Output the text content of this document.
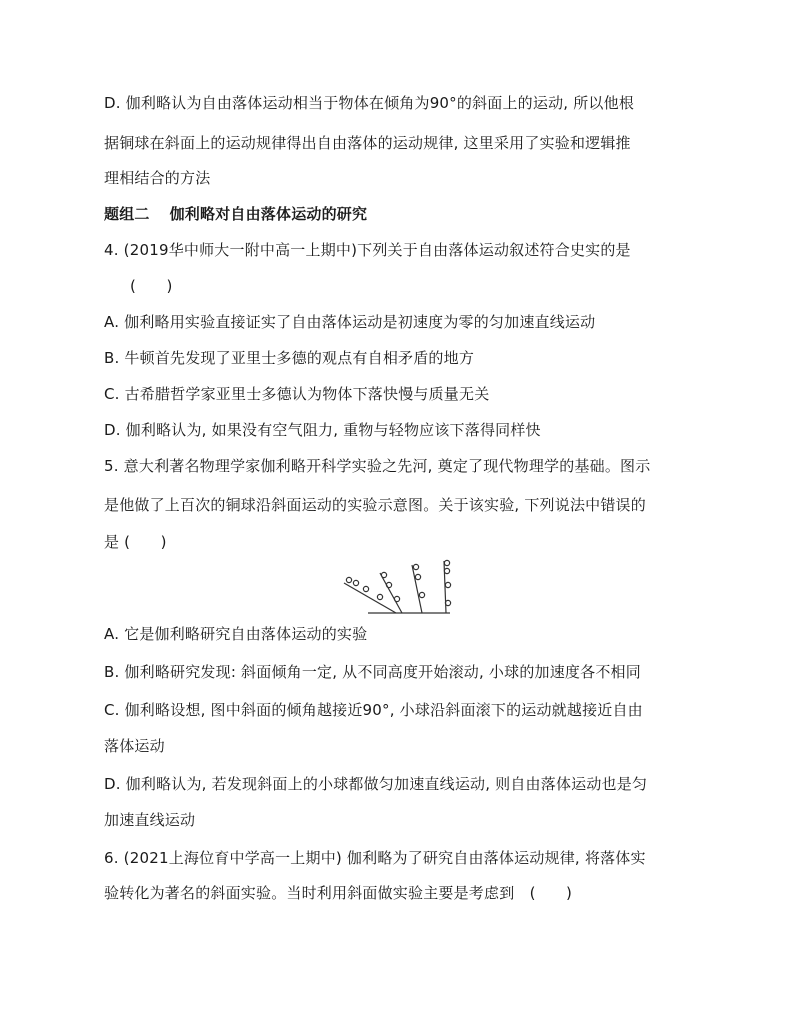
D. 伽利略认为自由落体运动相当于物体在倾角为90°的斜面上的运动, 所以他根
据铜球在斜面上的运动规律得出自由落体的运动规律, 这里采用了实验和逻辑推
理相结合的方法
题组二 伽利略对自由落体运动的研究
4. (2019华中师大一附中高一上期中)下列关于自由落体运动叙述符合史实的是
(　　)
A. 伽利略用实验直接证实了自由落体运动是初速度为零的匀加速直线运动
B. 牛顿首先发现了亚里士多德的观点有自相矛盾的地方
C. 古希腊哲学家亚里士多德认为物体下落快慢与质量无关
D. 伽利略认为, 如果没有空气阻力, 重物与轻物应该下落得同样快
5. 意大利著名物理学家伽利略开科学实验之先河, 奠定了现代物理学的基础。图示
是他做了上百次的铜球沿斜面运动的实验示意图。关于该实验, 下列说法中错误的
是 (　　)
A. 它是伽利略研究自由落体运动的实验
B. 伽利略研究发现: 斜面倾角一定, 从不同高度开始滚动, 小球的加速度各不相同
C. 伽利略设想, 图中斜面的倾角越接近90°, 小球沿斜面滚下的运动就越接近自由
落体运动
D. 伽利略认为, 若发现斜面上的小球都做匀加速直线运动, 则自由落体运动也是匀
加速直线运动
6. (2021上海位育中学高一上期中) 伽利略为了研究自由落体运动规律, 将落体实
验转化为著名的斜面实验。当时利用斜面做实验主要是考虑到　(　　)
